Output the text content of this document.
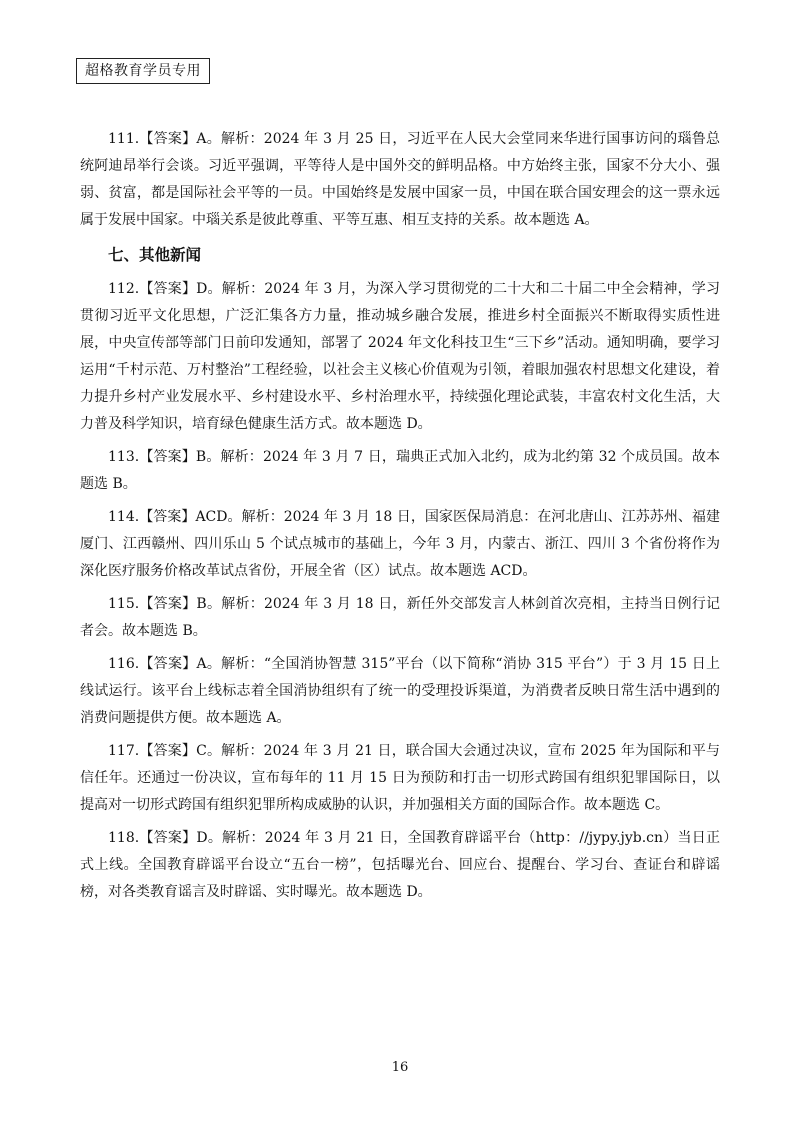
超格教育学员专用

111.【答案】A。解析：2024 年 3 月 25 日，习近平在人民大会堂同来华进行国事访问的瑙鲁总统阿迪昂举行会谈。习近平强调，平等待人是中国外交的鲜明品格。中方始终主张，国家不分大小、强弱、贫富，都是国际社会平等的一员。中国始终是发展中国家一员，中国在联合国安理会的这一票永远属于发展中国家。中瑙关系是彼此尊重、平等互惠、相互支持的关系。故本题选 A。

七、其他新闻

112.【答案】D。解析：2024 年 3 月，为深入学习贯彻党的二十大和二十届二中全会精神，学习贯彻习近平文化思想，广泛汇集各方力量，推动城乡融合发展，推进乡村全面振兴不断取得实质性进展，中央宣传部等部门日前印发通知，部署了 2024 年文化科技卫生“三下乡”活动。通知明确，要学习运用“千村示范、万村整治”工程经验，以社会主义核心价值观为引领，着眼加强农村思想文化建设，着力提升乡村产业发展水平、乡村建设水平、乡村治理水平，持续强化理论武装，丰富农村文化生活，大力普及科学知识，培育绿色健康生活方式。故本题选 D。

113.【答案】B。解析：2024 年 3 月 7 日，瑞典正式加入北约，成为北约第 32 个成员国。故本题选 B。

114.【答案】ACD。解析：2024 年 3 月 18 日，国家医保局消息：在河北唐山、江苏苏州、福建厦门、江西赣州、四川乐山 5 个试点城市的基础上，今年 3 月，内蒙古、浙江、四川 3 个省份将作为深化医疗服务价格改革试点省份，开展全省（区）试点。故本题选 ACD。

115.【答案】B。解析：2024 年 3 月 18 日，新任外交部发言人林剑首次亮相，主持当日例行记者会。故本题选 B。

116.【答案】A。解析：“全国消协智慧 315”平台（以下简称“消协 315 平台”）于 3 月 15 日上线试运行。该平台上线标志着全国消协组织有了统一的受理投诉渠道，为消费者反映日常生活中遇到的消费问题提供方便。故本题选 A。

117.【答案】C。解析：2024 年 3 月 21 日，联合国大会通过决议，宣布 2025 年为国际和平与信任年。还通过一份决议，宣布每年的 11 月 15 日为预防和打击一切形式跨国有组织犯罪国际日，以提高对一切形式跨国有组织犯罪所构成威胁的认识，并加强相关方面的国际合作。故本题选 C。

118.【答案】D。解析：2024 年 3 月 21 日，全国教育辟谣平台（http：//jypy.jyb.cn）当日正式上线。全国教育辟谣平台设立“五台一榜”，包括曝光台、回应台、提醒台、学习台、查证台和辟谣榜，对各类教育谣言及时辟谣、实时曝光。故本题选 D。

16
